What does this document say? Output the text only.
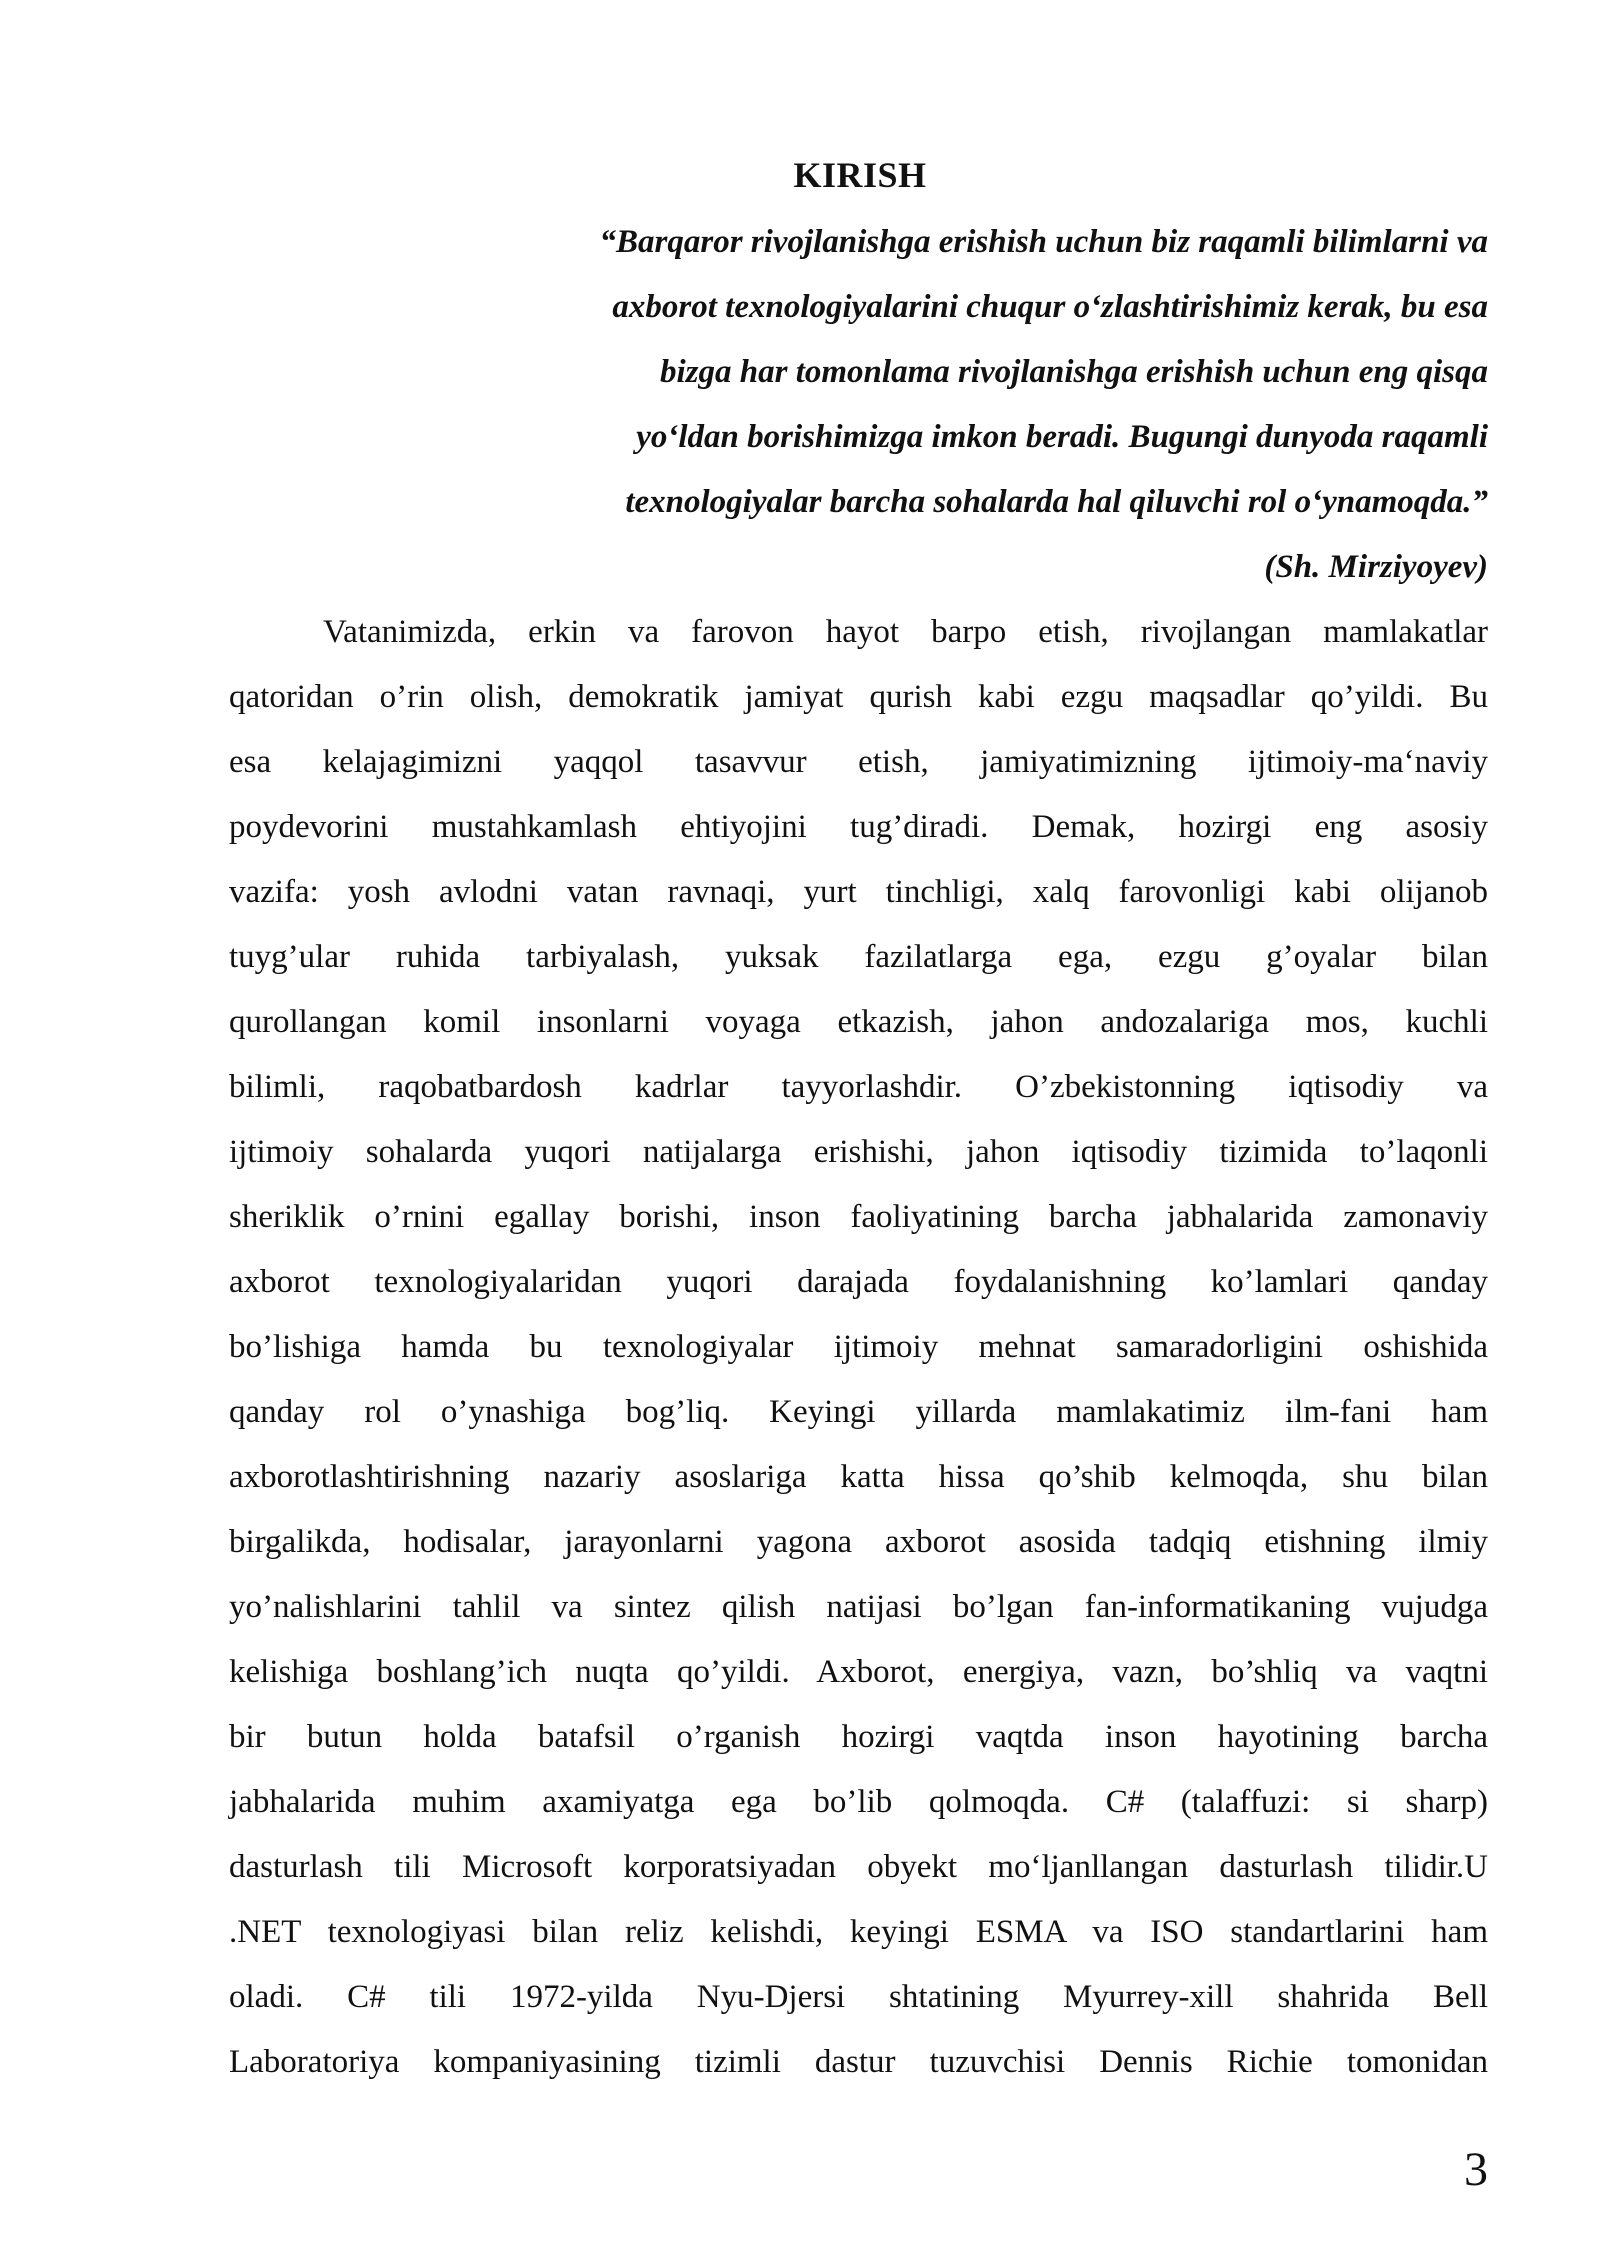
KIRISH
“Barqaror rivojlanishga erishish uchun biz raqamli bilimlarni va
axborot texnologiyalarini chuqur o‘zlashtirishimiz kerak, bu esa
bizga har tomonlama rivojlanishga erishish uchun eng qisqa
yo‘ldan borishimizga imkon beradi. Bugungi dunyoda raqamli
texnologiyalar barcha sohalarda hal qiluvchi rol o‘ynamoqda.”
(Sh. Mirziyoyev)
Vatanimizda, erkin va farovon hayot barpo etish, rivojlangan mamlakatlar
qatoridan o’rin olish, demokratik jamiyat qurish kabi ezgu maqsadlar qo’yildi. Bu
esa kelajagimizni yaqqol tasavvur etish, jamiyatimizning ijtimoiy-ma‘naviy
poydevorini mustahkamlash ehtiyojini tug’diradi. Demak, hozirgi eng asosiy
vazifa: yosh avlodni vatan ravnaqi, yurt tinchligi, xalq farovonligi kabi olijanob
tuyg’ular ruhida tarbiyalash, yuksak fazilatlarga ega, ezgu g’oyalar bilan
qurollangan komil insonlarni voyaga etkazish, jahon andozalariga mos, kuchli
bilimli, raqobatbardosh kadrlar tayyorlashdir. O’zbekistonning iqtisodiy va
ijtimoiy sohalarda yuqori natijalarga erishishi, jahon iqtisodiy tizimida to’laqonli
sheriklik o’rnini egallay borishi, inson faoliyatining barcha jabhalarida zamonaviy
axborot texnologiyalaridan yuqori darajada foydalanishning ko’lamlari qanday
bo’lishiga hamda bu texnologiyalar ijtimoiy mehnat samaradorligini oshishida
qanday rol o’ynashiga bog’liq. Keyingi yillarda mamlakatimiz ilm-fani ham
axborotlashtirishning nazariy asoslariga katta hissa qo’shib kelmoqda, shu bilan
birgalikda, hodisalar, jarayonlarni yagona axborot asosida tadqiq etishning ilmiy
yo’nalishlarini tahlil va sintez qilish natijasi bo’lgan fan-informatikaning vujudga
kelishiga boshlang’ich nuqta qo’yildi. Axborot, energiya, vazn, bo’shliq va vaqtni
bir butun holda batafsil o’rganish hozirgi vaqtda inson hayotining barcha
jabhalarida muhim axamiyatga ega bo’lib qolmoqda. C# (talaffuzi: si sharp)
dasturlash tili Microsoft korporatsiyadan obyekt mo‘ljanllangan dasturlash tilidir.U
.NET texnologiyasi bilan reliz kelishdi, keyingi ESMA va ISO standartlarini ham
oladi. C# tili 1972-yilda Nyu-Djersi shtatining Myurrey-xill shahrida Bell
Laboratoriya kompaniyasining tizimli dastur tuzuvchisi Dennis Richie tomonidan
3
